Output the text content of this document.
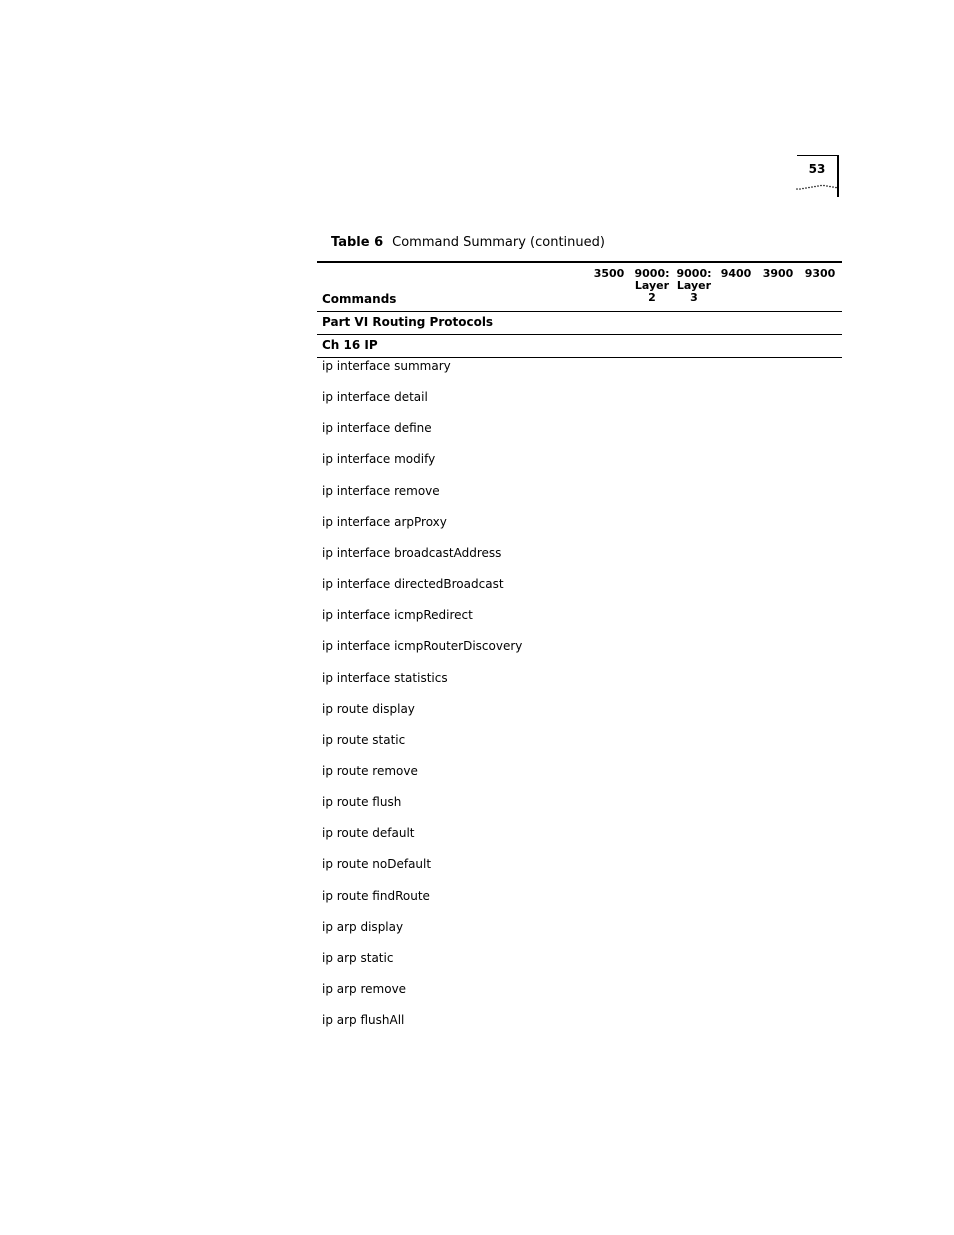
53
Table 6 Command Summary (continued)
Commands
3500 9000:
Layer
2
9000:
Layer
3
9400	3900	9300
Part VI Routing Protocols
Ch 16 IP
ip interface summary
ip interface detail
ip interface define
ip interface modify
ip interface remove
ip interface arpProxy
ip interface broadcastAddress
ip interface directedBroadcast
ip interface icmpRedirect
ip interface icmpRouterDiscovery
ip interface statistics
ip route display
ip route static
ip route remove
ip route flush
ip route default
ip route noDefault
ip route findRoute
ip arp display
ip arp static
ip arp remove
ip arp flushAll
